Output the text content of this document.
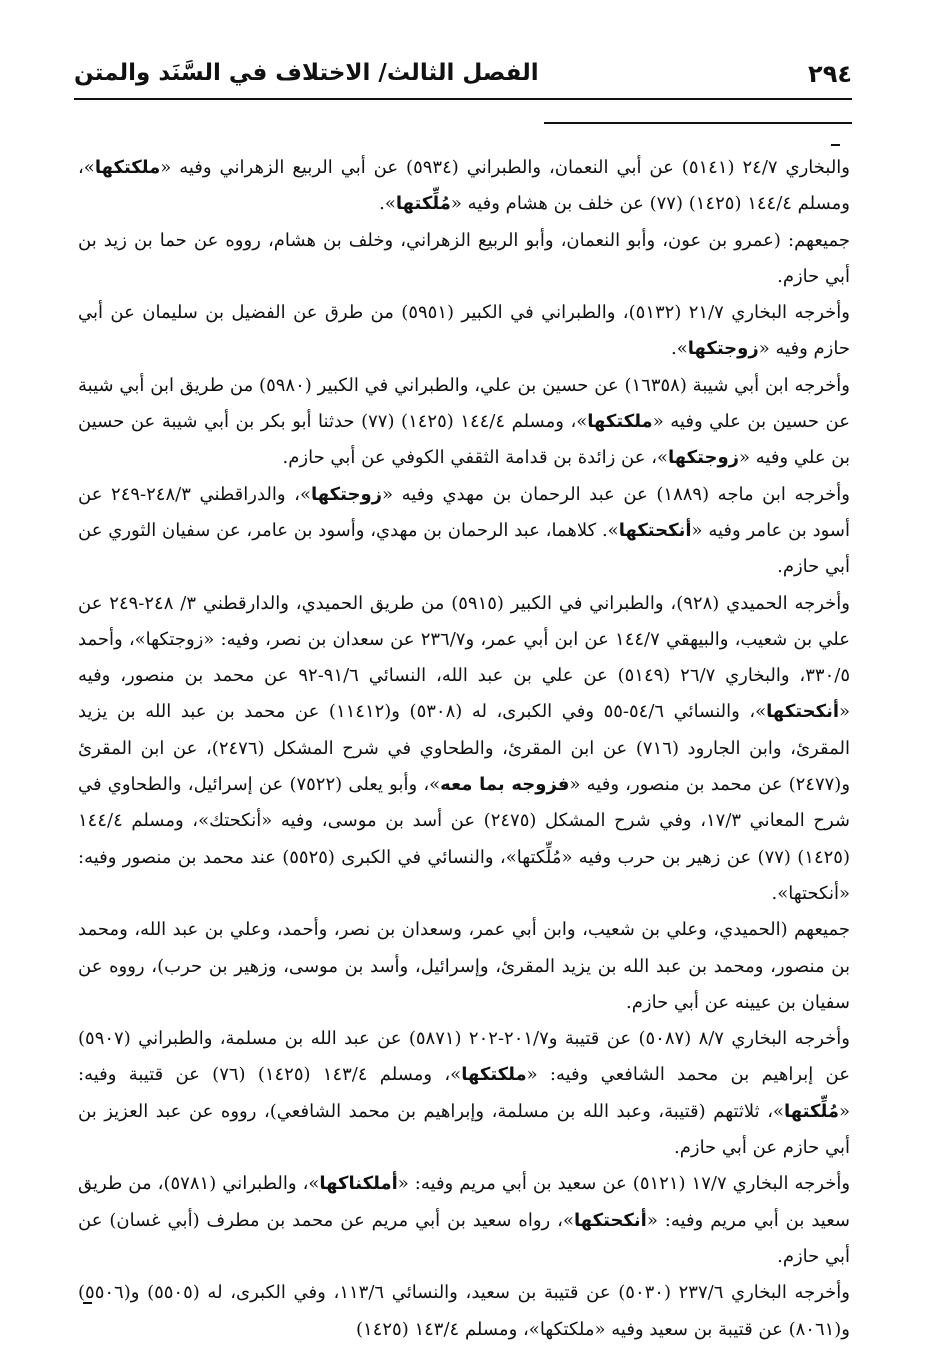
٢٩٤
الفصل الثالث/ الاختلاف في السَّنَد والمتن

والبخاري ٢٤/٧ (٥١٤١) عن أبي النعمان، والطبراني (٥٩٣٤) عن أبي الربيع الزهراني وفيه «ملكتكها»، ومسلم ١٤٤/٤ (١٤٢٥) (٧٧) عن خلف بن هشام وفيه «مُلِّكتها».

جميعهم: (عمرو بن عون، وأبو النعمان، وأبو الربيع الزهراني، وخلف بن هشام، رووه عن حما بن زيد بن أبي حازم.

وأخرجه البخاري ٢١/٧ (٥١٣٢)، والطبراني في الكبير (٥٩٥١) من طرق عن الفضيل بن سليمان عن أبي حازم وفيه «زوجتكها».

وأخرجه ابن أبي شيبة (١٦٣٥٨) عن حسين بن علي، والطبراني في الكبير (٥٩٨٠) من طريق ابن أبي شيبة عن حسين بن علي وفيه «ملكتكها»، ومسلم ١٤٤/٤ (١٤٢٥) (٧٧) حدثنا أبو بكر بن أبي شيبة عن حسين بن علي وفيه «زوجتكها»، عن زائدة بن قدامة الثقفي الكوفي عن أبي حازم.

وأخرجه ابن ماجه (١٨٨٩) عن عبد الرحمان بن مهدي وفيه «زوجتكها»، والدراقطني ٢٤٨/٣-٢٤٩ عن أسود بن عامر وفيه «أنكحتكها». كلاهما، عبد الرحمان بن مهدي، وأسود بن عامر، عن سفيان الثوري عن أبي حازم.

وأخرجه الحميدي (٩٢٨)، والطبراني في الكبير (٥٩١٥) من طريق الحميدي، والدارقطني ٣/ ٢٤٨-٢٤٩ عن علي بن شعيب، والبيهقي ١٤٤/٧ عن ابن أبي عمر، و٢٣٦/٧ عن سعدان بن نصر، وفيه: «زوجتكها»، وأحمد ٣٣٠/٥، والبخاري ٢٦/٧ (٥١٤٩) عن علي بن عبد الله، النسائي ٩١/٦-٩٢ عن محمد بن منصور، وفيه «أنكحتكها»، والنسائي ٥٤/٦-٥٥ وفي الكبرى، له (٥٣٠٨) و(١١٤١٢) عن محمد بن عبد الله بن يزيد المقرئ، وابن الجارود (٧١٦) عن ابن المقرئ، والطحاوي في شرح المشكل (٢٤٧٦)، عن ابن المقرئ و(٢٤٧٧) عن محمد بن منصور، وفيه «فزوجه بما معه»، وأبو يعلى (٧٥٢٢) عن إسرائيل، والطحاوي في شرح المعاني ١٧/٣، وفي شرح المشكل (٢٤٧٥) عن أسد بن موسى، وفيه «أنكحتك»، ومسلم ١٤٤/٤ (١٤٢٥) (٧٧) عن زهير بن حرب وفيه «مُلِّكتها»، والنسائي في الكبرى (٥٥٢٥) عند محمد بن منصور وفيه: «أنكحتها».

جميعهم (الحميدي، وعلي بن شعيب، وابن أبي عمر، وسعدان بن نصر، وأحمد، وعلي بن عبد الله، ومحمد بن منصور، ومحمد بن عبد الله بن يزيد المقرئ، وإسرائيل، وأسد بن موسى، وزهير بن حرب)، رووه عن سفيان بن عيينه عن أبي حازم.

وأخرجه البخاري ٨/٧ (٥٠٨٧) عن قتيبة و٢٠١/٧-٢٠٢ (٥٨٧١) عن عبد الله بن مسلمة، والطبراني (٥٩٠٧) عن إبراهيم بن محمد الشافعي وفيه: «ملكتكها»، ومسلم ١٤٣/٤ (١٤٢٥) (٧٦) عن قتيبة وفيه: «مُلِّكتها»، ثلاثتهم (قتيبة، وعبد الله بن مسلمة، وإبراهيم بن محمد الشافعي)، رووه عن عبد العزيز بن أبي حازم عن أبي حازم.

وأخرجه البخاري ١٧/٧ (٥١٢١) عن سعيد بن أبي مريم وفيه: «أملكناكها»، والطبراني (٥٧٨١)، من طريق سعيد بن أبي مريم وفيه: «أنكحتكها»، رواه سعيد بن أبي مريم عن محمد بن مطرف (أبي غسان) عن أبي حازم.

وأخرجه البخاري ٢٣٧/٦ (٥٠٣٠) عن قتيبة بن سعيد، والنسائي ١١٣/٦، وفي الكبرى، له (٥٥٠٥) و(٥٥٠٦) و(٨٠٦١) عن قتيبة بن سعيد وفيه «ملكتكها»، ومسلم ١٤٣/٤ (١٤٢٥)
